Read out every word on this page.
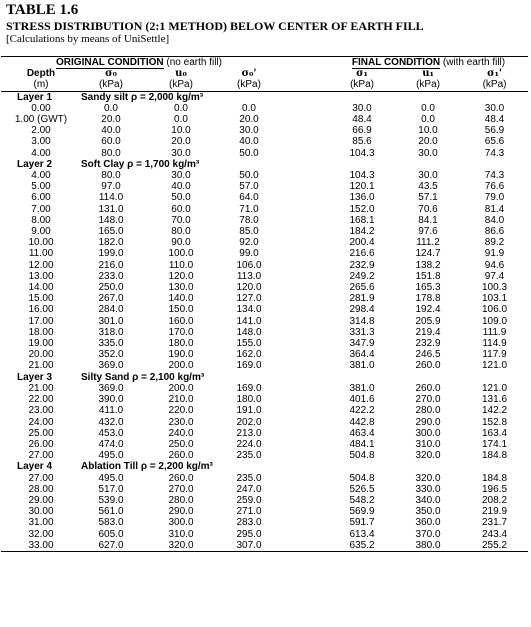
TABLE 1.6
STRESS DISTRIBUTION (2:1 METHOD) BELOW CENTER OF EARTH FILL
[Calculations by means of UniSettle]
ORIGINAL CONDITION (no earth fill)					FINAL CONDITION (with earth fill)		
Depth	σ₀	u₀	σ₀'		σ₁	u₁	σ₁'
(m)	(kPa)	(kPa)	(kPa)		(kPa)	(kPa)	(kPa)
Layer 1	Sandy silt ρ = 2,000 kg/m³						
0.00	0.0	0.0	0.0		30.0	0.0	30.0
1.00 (GWT)	20.0	0.0	20.0		48.4	0.0	48.4
2.00	40.0	10.0	30.0		66.9	10.0	56.9
3.00	60.0	20.0	40.0		85.6	20.0	65.6
4.00	80.0	30.0	50.0		104.3	30.0	74.3
Layer 2	Soft Clay ρ = 1,700 kg/m³						
4.00	80.0	30.0	50.0		104.3	30.0	74.3
5.00	97.0	40.0	57.0		120.1	43.5	76.6
6.00	114.0	50.0	64.0		136.0	57.1	79.0
7.00	131.0	60.0	71.0		152.0	70.6	81.4
8.00	148.0	70.0	78.0		168.1	84.1	84.0
9.00	165.0	80.0	85.0		184.2	97.6	86.6
10.00	182.0	90.0	92.0		200.4	111.2	89.2
11.00	199.0	100.0	99.0		216.6	124.7	91.9
12.00	216.0	110.0	106.0		232.9	138.2	94.6
13.00	233.0	120.0	113.0		249.2	151.8	97.4
14.00	250.0	130.0	120.0		265.6	165.3	100.3
15.00	267.0	140.0	127.0		281.9	178.8	103.1
16.00	284.0	150.0	134.0		298.4	192.4	106.0
17.00	301.0	160.0	141.0		314.8	205.9	109.0
18.00	318.0	170.0	148.0		331.3	219.4	111.9
19.00	335.0	180.0	155.0		347.9	232.9	114.9
20.00	352.0	190.0	162.0		364.4	246.5	117.9
21.00	369.0	200.0	169.0		381.0	260.0	121.0
Layer 3	Silty Sand ρ = 2,100 kg/m³						
21.00	369.0	200.0	169.0		381.0	260.0	121.0
22.00	390.0	210.0	180.0		401.6	270.0	131.6
23.00	411.0	220.0	191.0		422.2	280.0	142.2
24.00	432.0	230.0	202.0		442.8	290.0	152.8
25.00	453.0	240.0	213.0		463.4	300.0	163.4
26.00	474.0	250.0	224.0		484.1	310.0	174.1
27.00	495.0	260.0	235.0		504.8	320.0	184.8
Layer 4	Ablation Till ρ = 2,200 kg/m³						
27.00	495.0	260.0	235.0		504.8	320.0	184.8
28.00	517.0	270.0	247.0		526.5	330.0	196.5
29.00	539.0	280.0	259.0		548.2	340.0	208.2
30.00	561.0	290.0	271.0		569.9	350.0	219.9
31.00	583.0	300.0	283.0		591.7	360.0	231.7
32.00	605.0	310.0	295.0		613.4	370.0	243.4
33.00	627.0	320.0	307.0		635.2	380.0	255.2
